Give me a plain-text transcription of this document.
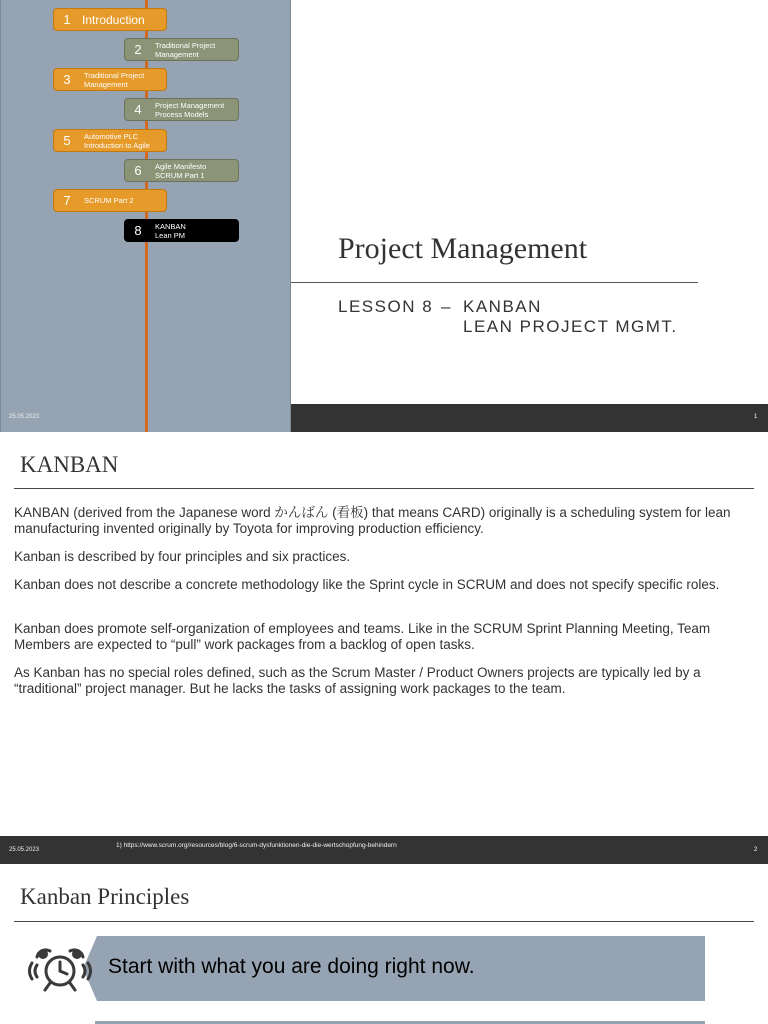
1 Introduction
2	Traditional Project
Management
3	Traditional Project
Management
4	Project Management
Process Models
5	Automotive PLC
Introduction to Agile
6	Agile Manifesto
SCRUM Part 1
7	SCRUM Part 2
8	KANBAN
Lean PM	Project Management
LESSON 8 – KANBAN
LEAN PROJECT MGMT.
25.05.2023	1
KANBAN
KANBAN (derived from the Japanese word かんばん (看板) that means CARD) originally is a scheduling system for lean manufacturing invented originally by Toyota for improving production efficiency.
Kanban is described by four principles and six practices.
Kanban does not describe a concrete methodology like the Sprint cycle in SCRUM and does not specify specific roles.
Kanban does promote self-organization of employees and teams. Like in the SCRUM Sprint Planning Meeting, Team Members are expected to “pull” work packages from a backlog of open tasks.
As Kanban has no special roles defined, such as the Scrum Master / Product Owners projects are typically led by a “traditional” project manager. But he lacks the tasks of assigning work packages to the team.
25.05.2023
1) https://www.scrum.org/resources/blog/6-scrum-dysfunktionen-die-die-wertschopfung-behindern
2
Kanban Principles
Start with what you are doing right now.
